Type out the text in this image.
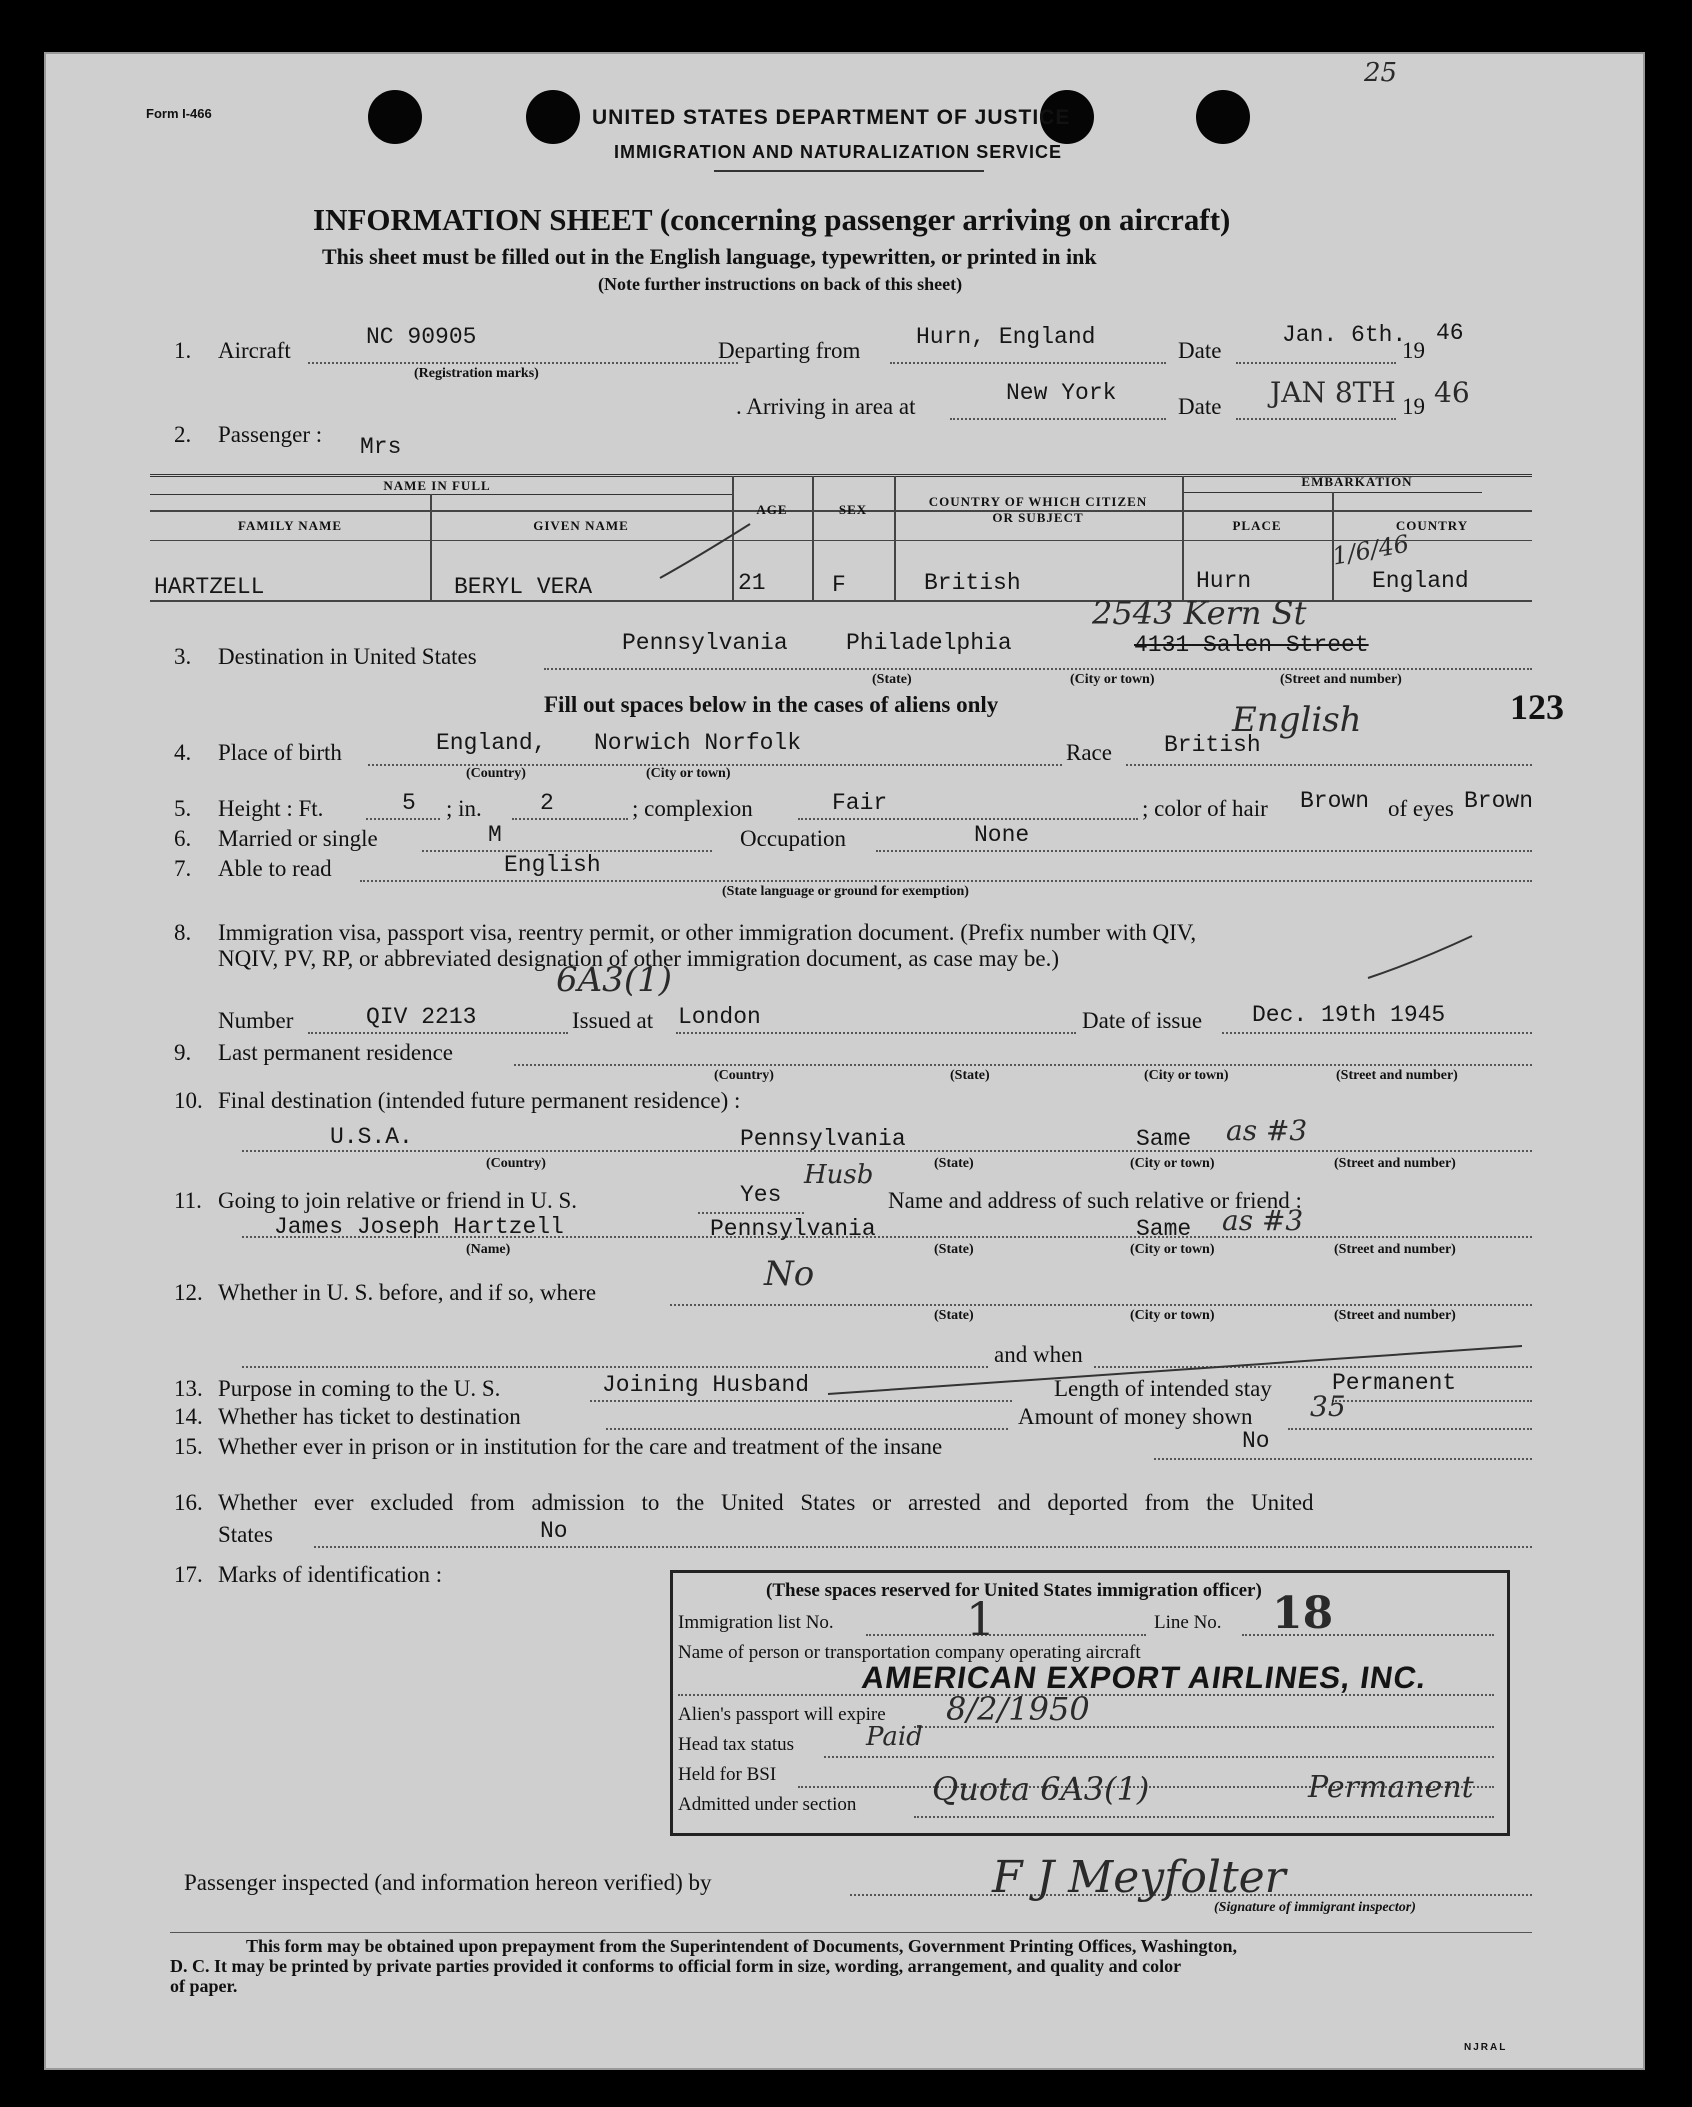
Form I-466
25
UNITED STATES DEPARTMENT OF JUSTICE
IMMIGRATION AND NATURALIZATION SERVICE
INFORMATION SHEET (concerning passenger arriving on aircraft)
This sheet must be filled out in the English language, typewritten, or printed in ink
(Note further instructions on back of this sheet)
1. Aircraft
NC 90905
(Registration marks)
Departing from
Hurn, England
Date
Jan. 6th.
19
46
. Arriving in area at
New York
Date JAN 8TH 19 46
2. Passenger : Mrs
NAME IN FULL
FAMILY NAME	GIVEN NAME
AGE	SEX
COUNTRY OF WHICH CITIZEN
OR SUBJECT
EMBARKATION
PLACE	COUNTRY
HARTZELL	BERYL VERA	21	F	British	Hurn	England
1/6/46
3. Destination in United States
Pennsylvania	Philadelphia	4131 Salen Street
2543 Kern St
(State)	(City or town)	(Street and number)
Fill out spaces below in the cases of aliens only	123
4. Place of birth	England, Norwich Norfolk
(Country)	(City or town)
Race British
English
5. Height : Ft.	5 ; in.	2	; complexion	Fair	; color of hair Brown of eyes Brown
6. Married or single	M	Occupation	None
7. Able to read	English
(State language or ground for exemption)
8. Immigration visa, passport visa, reentry permit, or other immigration document. (Prefix number with QIV,
NQIV, PV, RP, or abbreviated designation of other immigration document, as case may be.)
6A3(1)
Number	QIV 2213	Issued at London	Date of issue Dec. 19th 1945
9. Last permanent residence
(Country)	(State)	(City or town)	(Street and number)
10. Final destination (intended future permanent residence) :
U.S.A.	Pennsylvania	Same as #3
(Country)	(State)	(City or town)	(Street and number)
11. Going to join relative or friend in U. S.	Yes
Husb
Name and address of such relative or friend :
James Joseph Hartzell	Pennsylvania	Same as #3
(Name)	(State)	(City or town)	(Street and number)
12. Whether in U. S. before, and if so, where	No
(State)	(City or town)	(Street and number)
and when
13. Purpose in coming to the U. S.	Joining Husband	Length of intended stay	Permanent
14. Whether has ticket to destination	Amount of money shown 35
15. Whether ever in prison or in institution for the care and treatment of the insane	No
16. Whether ever excluded from admission to the United States or arrested and deported from the United
States	No
17. Marks of identification :
(These spaces reserved for United States immigration officer)
Immigration list No.	1	Line No. 18
Name of person or transportation company operating aircraft
AMERICAN EXPORT AIRLINES, INC.
Alien's passport will expire 8/2/1950
Head tax status	Paid
Held for BSI
Admitted under section Quota 6A3(1)	Permanent
Passenger inspected (and information hereon verified) by	F J Meyfolter
(Signature of immigrant inspector)
This form may be obtained upon prepayment from the Superintendent of Documents, Government Printing Offices, Washington,
D. C. It may be printed by private parties provided it conforms to official form in size, wording, arrangement, and quality and color
of paper.
NJRAL
